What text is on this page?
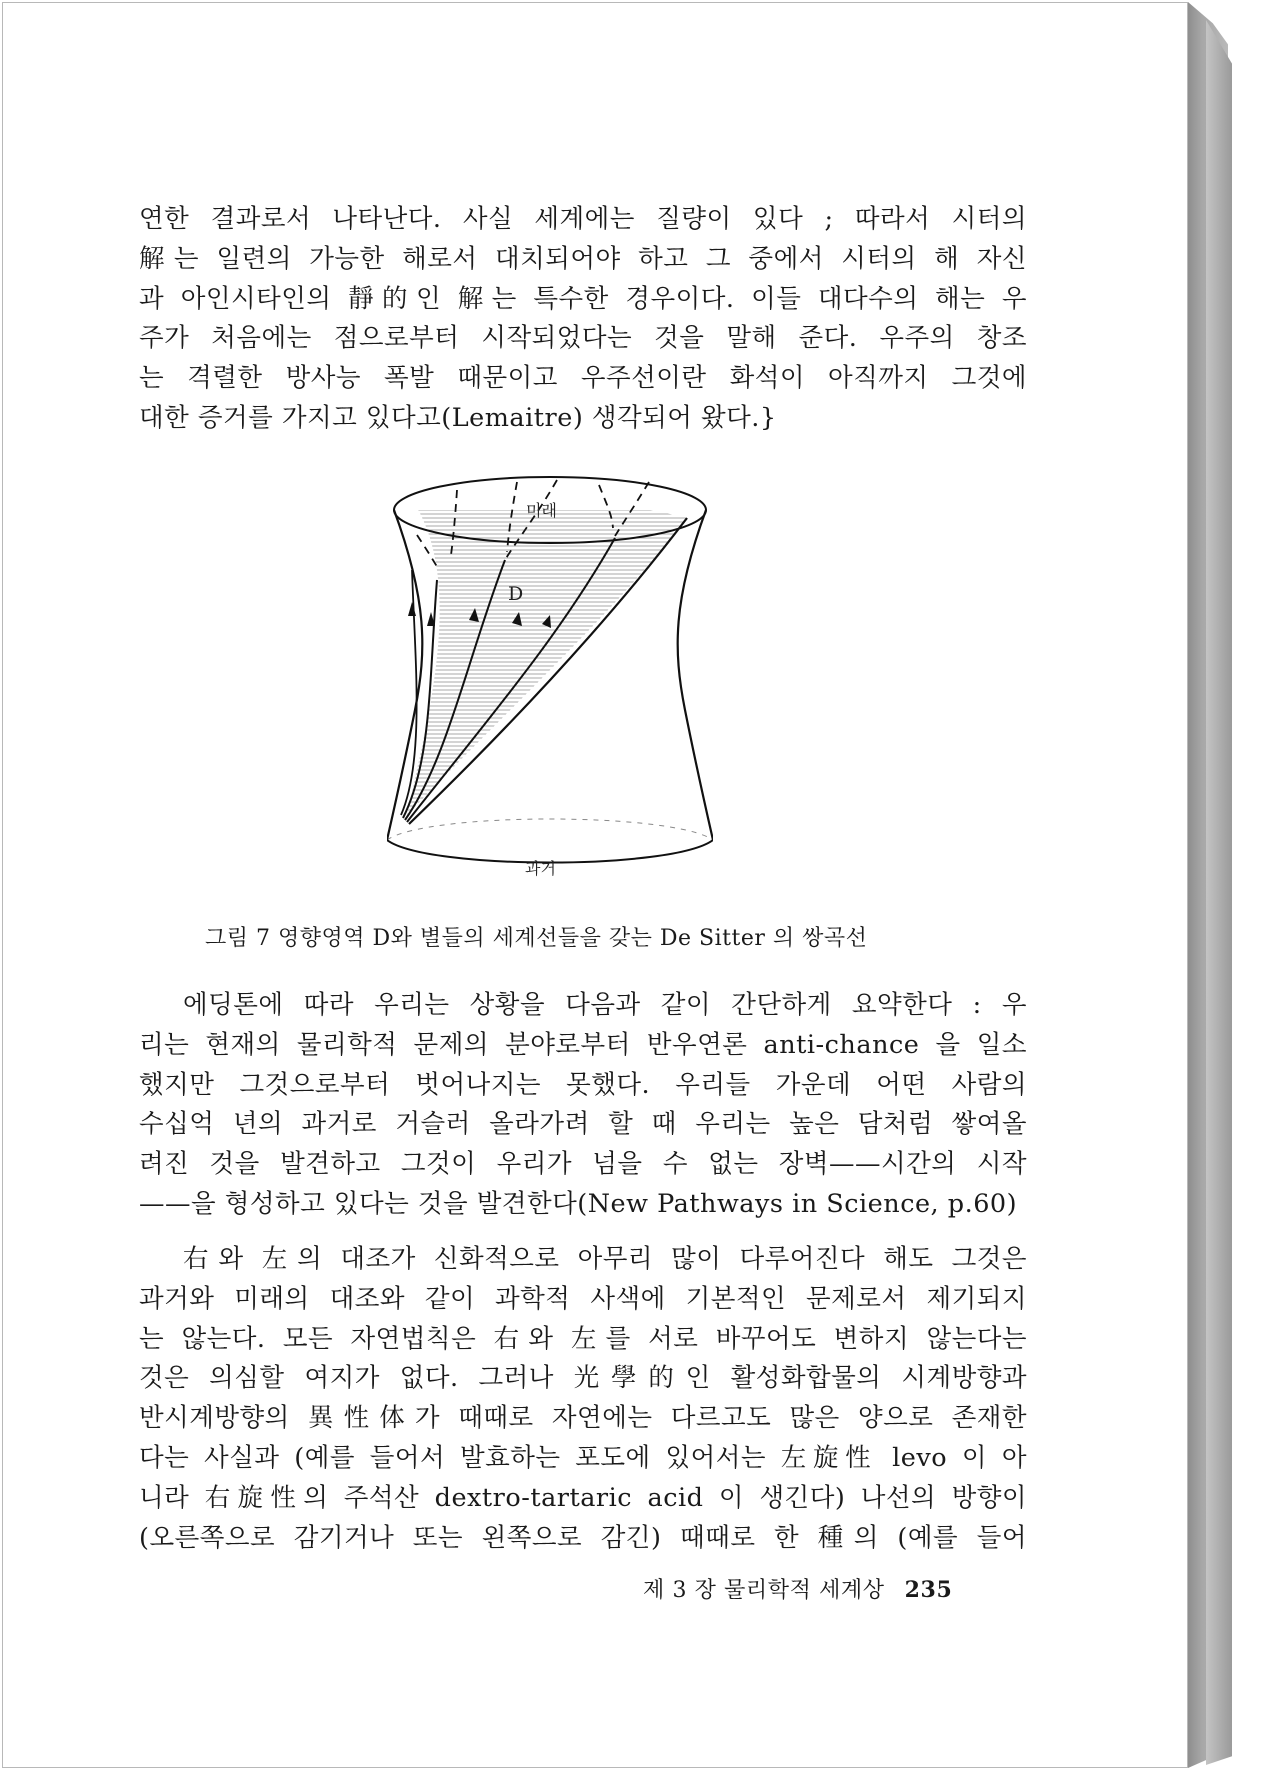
연한 결과로서 나타난다. 사실 세계에는 질량이 있다 ; 따라서 시터의
解는 일련의 가능한 해로서 대치되어야 하고 그 중에서 시터의 해 자신
과 아인시타인의 靜的인 解는 특수한 경우이다. 이들 대다수의 해는 우
주가 처음에는 점으로부터 시작되었다는 것을 말해 준다. 우주의 창조
는 격렬한 방사능 폭발 때문이고 우주선이란 화석이 아직까지 그것에
대한 증거를 가지고 있다고(Lemaitre) 생각되어 왔다.}
미래
D
과거
그림 7 영향영역 D와 별들의 세계선들을 갖는 De Sitter 의 쌍곡선
에딩톤에 따라 우리는 상황을 다음과 같이 간단하게 요약한다 : 우
리는 현재의 물리학적 문제의 분야로부터 반우연론 anti-chance 을 일소
했지만 그것으로부터 벗어나지는 못했다. 우리들 가운데 어떤 사람의
수십억 년의 과거로 거슬러 올라가려 할 때 우리는 높은 담처럼 쌓여올
려진 것을 발견하고 그것이 우리가 넘을 수 없는 장벽——시간의 시작
——을 형성하고 있다는 것을 발견한다(New Pathways in Science, p.60)
右와 左의 대조가 신화적으로 아무리 많이 다루어진다 해도 그것은
과거와 미래의 대조와 같이 과학적 사색에 기본적인 문제로서 제기되지
는 않는다. 모든 자연법칙은 右와 左를 서로 바꾸어도 변하지 않는다는
것은 의심할 여지가 없다. 그러나 光學的인 활성화합물의 시계방향과
반시계방향의 異性体가 때때로 자연에는 다르고도 많은 양으로 존재한
다는 사실과 (예를 들어서 발효하는 포도에 있어서는 左旋性 levo 이 아
니라 右旋性의 주석산 dextro-tartaric acid 이 생긴다) 나선의 방향이
(오른쪽으로 감기거나 또는 왼쪽으로 감긴) 때때로 한 種의 (예를 들어
제 3 장 물리학적 세계상 235
